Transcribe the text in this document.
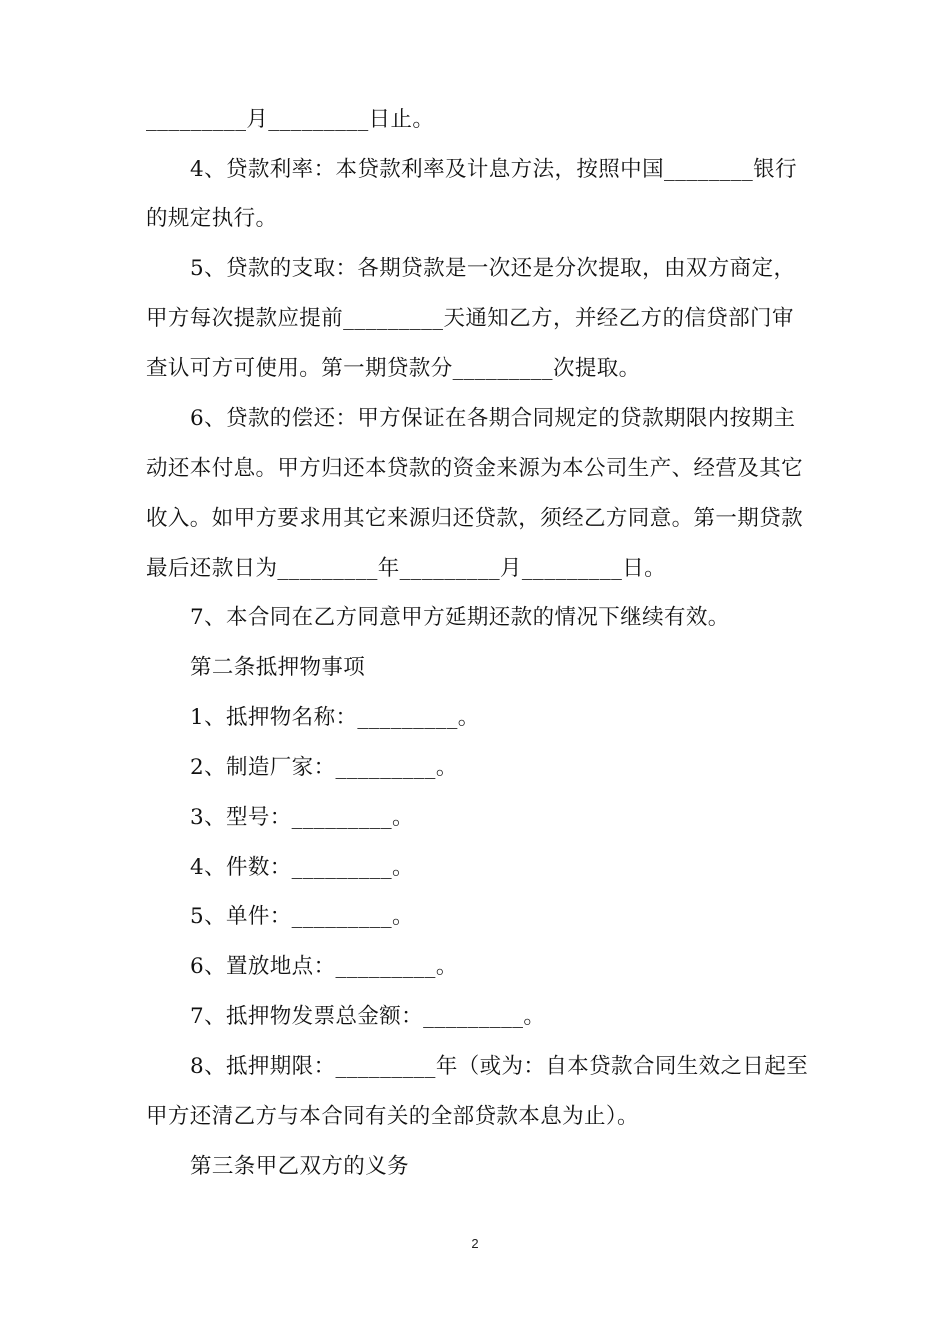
_________月_________日止。
4、贷款利率：本贷款利率及计息方法，按照中国________银行
的规定执行。
5、贷款的支取：各期贷款是一次还是分次提取，由双方商定，
甲方每次提款应提前_________天通知乙方，并经乙方的信贷部门审
查认可方可使用。第一期贷款分_________次提取。
6、贷款的偿还：甲方保证在各期合同规定的贷款期限内按期主
动还本付息。甲方归还本贷款的资金来源为本公司生产、经营及其它
收入。如甲方要求用其它来源归还贷款，须经乙方同意。第一期贷款
最后还款日为_________年_________月_________日。
7、本合同在乙方同意甲方延期还款的情况下继续有效。
第二条抵押物事项
1、抵押物名称：_________。
2、制造厂家：_________。
3、型号：_________。
4、件数：_________。
5、单件：_________。
6、置放地点：_________。
7、抵押物发票总金额：_________。
8、抵押期限：_________年（或为：自本贷款合同生效之日起至
甲方还清乙方与本合同有关的全部贷款本息为止）。
第三条甲乙双方的义务
2
